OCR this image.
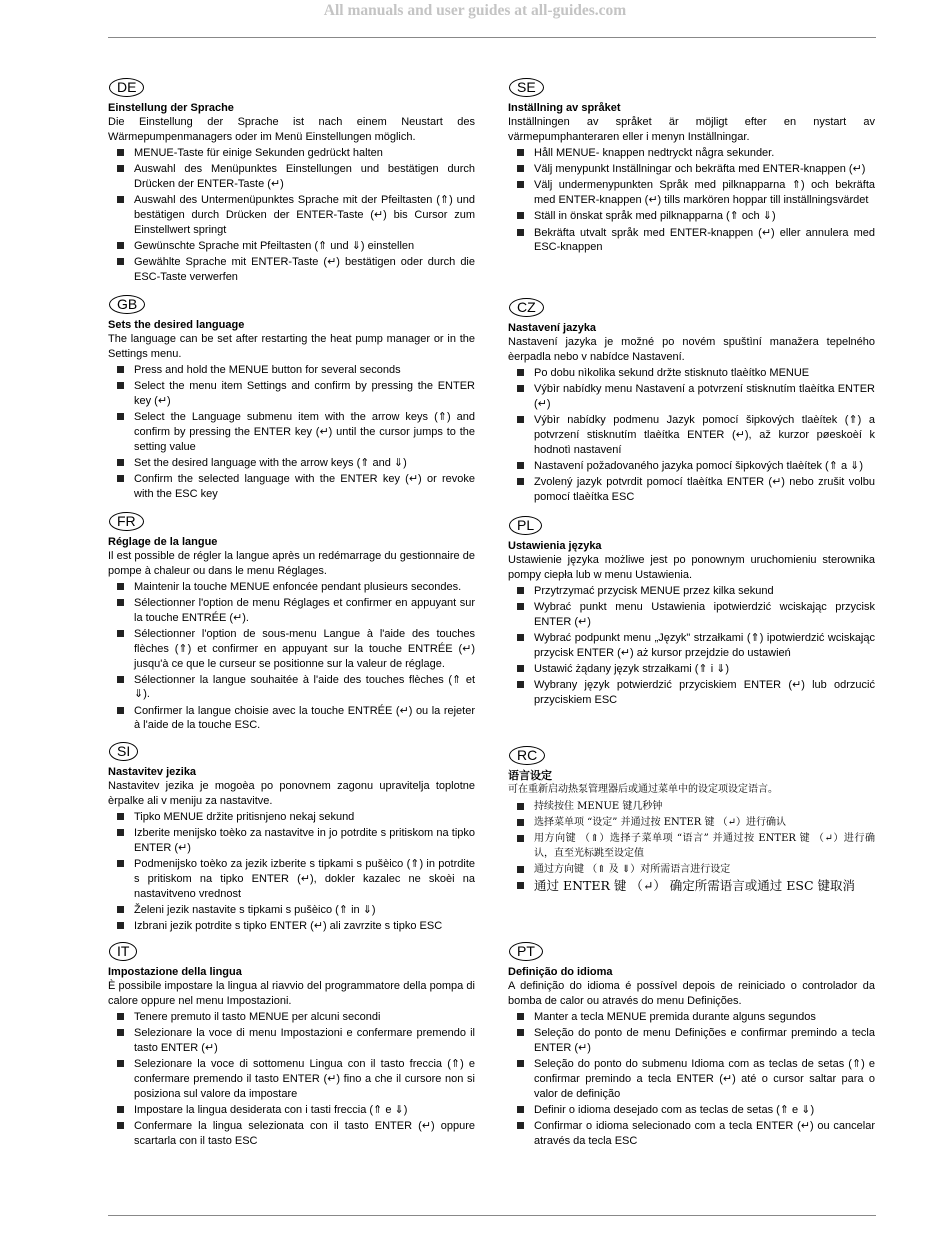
All manuals and user guides at all-guides.com
DE
Einstellung der Sprache
Die Einstellung der Sprache ist nach einem Neustart des Wärmepumpenmanagers oder im Menü Einstellungen möglich.
MENUE-Taste für einige Sekunden gedrückt halten
Auswahl des Menüpunktes Einstellungen und bestätigen durch Drücken der ENTER-Taste (↵)
Auswahl des Untermenüpunktes Sprache mit der Pfeiltasten (⇑) und bestätigen durch Drücken der ENTER-Taste (↵) bis Cursor zum Einstellwert springt
Gewünschte Sprache mit Pfeiltasten (⇑ und ⇓) einstellen
Gewählte Sprache mit ENTER-Taste (↵) bestätigen oder durch die ESC-Taste verwerfen
GB
Sets the desired language
The language can be set after restarting the heat pump manager or in the Settings menu.
Press and hold the MENUE button for several seconds
Select the menu item Settings and confirm by pressing the ENTER key (↵)
Select the Language submenu item with the arrow keys (⇑) and confirm by pressing the ENTER key (↵) until the cursor jumps to the setting value
Set the desired language with the arrow keys (⇑ and ⇓)
Confirm the selected language with the ENTER key (↵) or revoke with the ESC key
FR
Réglage de la langue
Il est possible de régler la langue après un redémarrage du gestionnaire de pompe à chaleur ou dans le menu Réglages.
Maintenir la touche MENUE enfoncée pendant plusieurs secondes.
Sélectionner l'option de menu Réglages et confirmer en appuyant sur la touche ENTRÉE (↵).
Sélectionner l'option de sous-menu Langue à l'aide des touches flèches (⇑) et confirmer en appuyant sur la touche ENTRÉE (↵) jusqu'à ce que le curseur se positionne sur la valeur de réglage.
Sélectionner la langue souhaitée à l'aide des touches flèches (⇑ et ⇓).
Confirmer la langue choisie avec la touche ENTRÉE (↵) ou la rejeter à l'aide de la touche ESC.
SI
Nastavitev jezika
Nastavitev jezika je mogoèa po ponovnem zagonu upravitelja toplotne èrpalke ali v meniju za nastavitve.
Tipko MENUE držite pritisnjeno nekaj sekund
Izberite menijsko toèko za nastavitve in jo potrdite s pritiskom na tipko ENTER (↵)
Podmenijsko toèko za jezik izberite s tipkami s pušèico (⇑) in potrdite s pritiskom na tipko ENTER (↵), dokler kazalec ne skoèi na nastavitveno vrednost
Želeni jezik nastavite s tipkami s pušèico (⇑ in ⇓)
Izbrani jezik potrdite s tipko ENTER (↵) ali zavrzite s tipko ESC
IT
Impostazione della lingua
È possibile impostare la lingua al riavvio del programmatore della pompa di calore oppure nel menu Impostazioni.
Tenere premuto il tasto MENUE per alcuni secondi
Selezionare la voce di menu Impostazioni e confermare premendo il tasto ENTER (↵)
Selezionare la voce di sottomenu Lingua con il tasto freccia (⇑) e confermare premendo il tasto ENTER (↵) fino a che il cursore non si posiziona sul valore da impostare
Impostare la lingua desiderata con i tasti freccia (⇑ e ⇓)
Confermare la lingua selezionata con il tasto ENTER (↵) oppure scartarla con il tasto ESC
SE
Inställning av språket
Inställningen av språket är möjligt efter en nystart av värmepumphanteraren eller i menyn Inställningar.
Håll MENUE- knappen nedtryckt några sekunder.
Välj menypunkt Inställningar och bekräfta med ENTER-knappen (↵)
Välj undermenypunkten Språk med pilknapparna ⇑) och bekräfta med ENTER-knappen (↵) tills markören hoppar till inställningsvärdet
Ställ in önskat språk med pilknapparna (⇑ och ⇓)
Bekräfta utvalt språk med ENTER-knappen (↵) eller annulera med ESC-knappen
CZ
Nastavení jazyka
Nastavení jazyka je možné po novém spuštìní manažera tepelného èerpadla nebo v nabídce Nastavení.
Po dobu nìkolika sekund držte stisknuto tlaèítko MENUE
Výbìr nabídky menu Nastavení a potvrzení stisknutím tlaèítka ENTER (↵)
Výbìr nabídky podmenu Jazyk pomocí šipkových tlaèítek (⇑) a potvrzení stisknutím tlaèítka ENTER (↵), až kurzor pøeskoèí k hodnotì nastavení
Nastavení požadovaného jazyka pomocí šipkových tlaèítek (⇑ a ⇓)
Zvolený jazyk potvrdit pomocí tlaèítka ENTER (↵) nebo zrušit volbu pomocí tlaèítka ESC
PL
Ustawienia języka
Ustawienie języka możliwe jest po ponownym uruchomieniu sterownika pompy ciepła lub w menu Ustawienia.
Przytrzymać przycisk MENUE przez kilka sekund
Wybrać punkt menu Ustawienia ipotwierdzić wciskając przycisk ENTER (↵)
Wybrać podpunkt menu „Język" strzałkami (⇑) ipotwierdzić wciskając przycisk ENTER (↵) aż kursor przejdzie do ustawień
Ustawić żądany język strzałkami (⇑ i ⇓)
Wybrany język potwierdzić przyciskiem ENTER (↵) lub odrzucić przyciskiem ESC
RC
语言设定
可在重新启动热泵管理器后或通过菜单中的设定项设定语言。
持续按住 MENUE 键几秒钟
选择菜单项 “设定” 并通过按 ENTER 键 （↵）进行确认
用方向键 （⇑）选择子菜单项 “语言” 并通过按 ENTER 键 （↵）进行确认，直至光标跳至设定值
通过方向键 （⇑ 及 ⇓）对所需语言进行设定
通过 ENTER 键 （↵） 确定所需语言或通过 ESC 键取消
PT
Definição do idioma
A definição do idioma é possível depois de reiniciado o controlador da bomba de calor ou através do menu Definições.
Manter a tecla MENUE premida durante alguns segundos
Seleção do ponto de menu Definições e confirmar premindo a tecla ENTER (↵)
Seleção do ponto do submenu Idioma com as teclas de setas (⇑) e confirmar premindo a tecla ENTER (↵) até o cursor saltar para o valor de definição
Definir o idioma desejado com as teclas de setas (⇑ e ⇓)
Confirmar o idioma selecionado com a tecla ENTER (↵) ou cancelar através da tecla ESC
